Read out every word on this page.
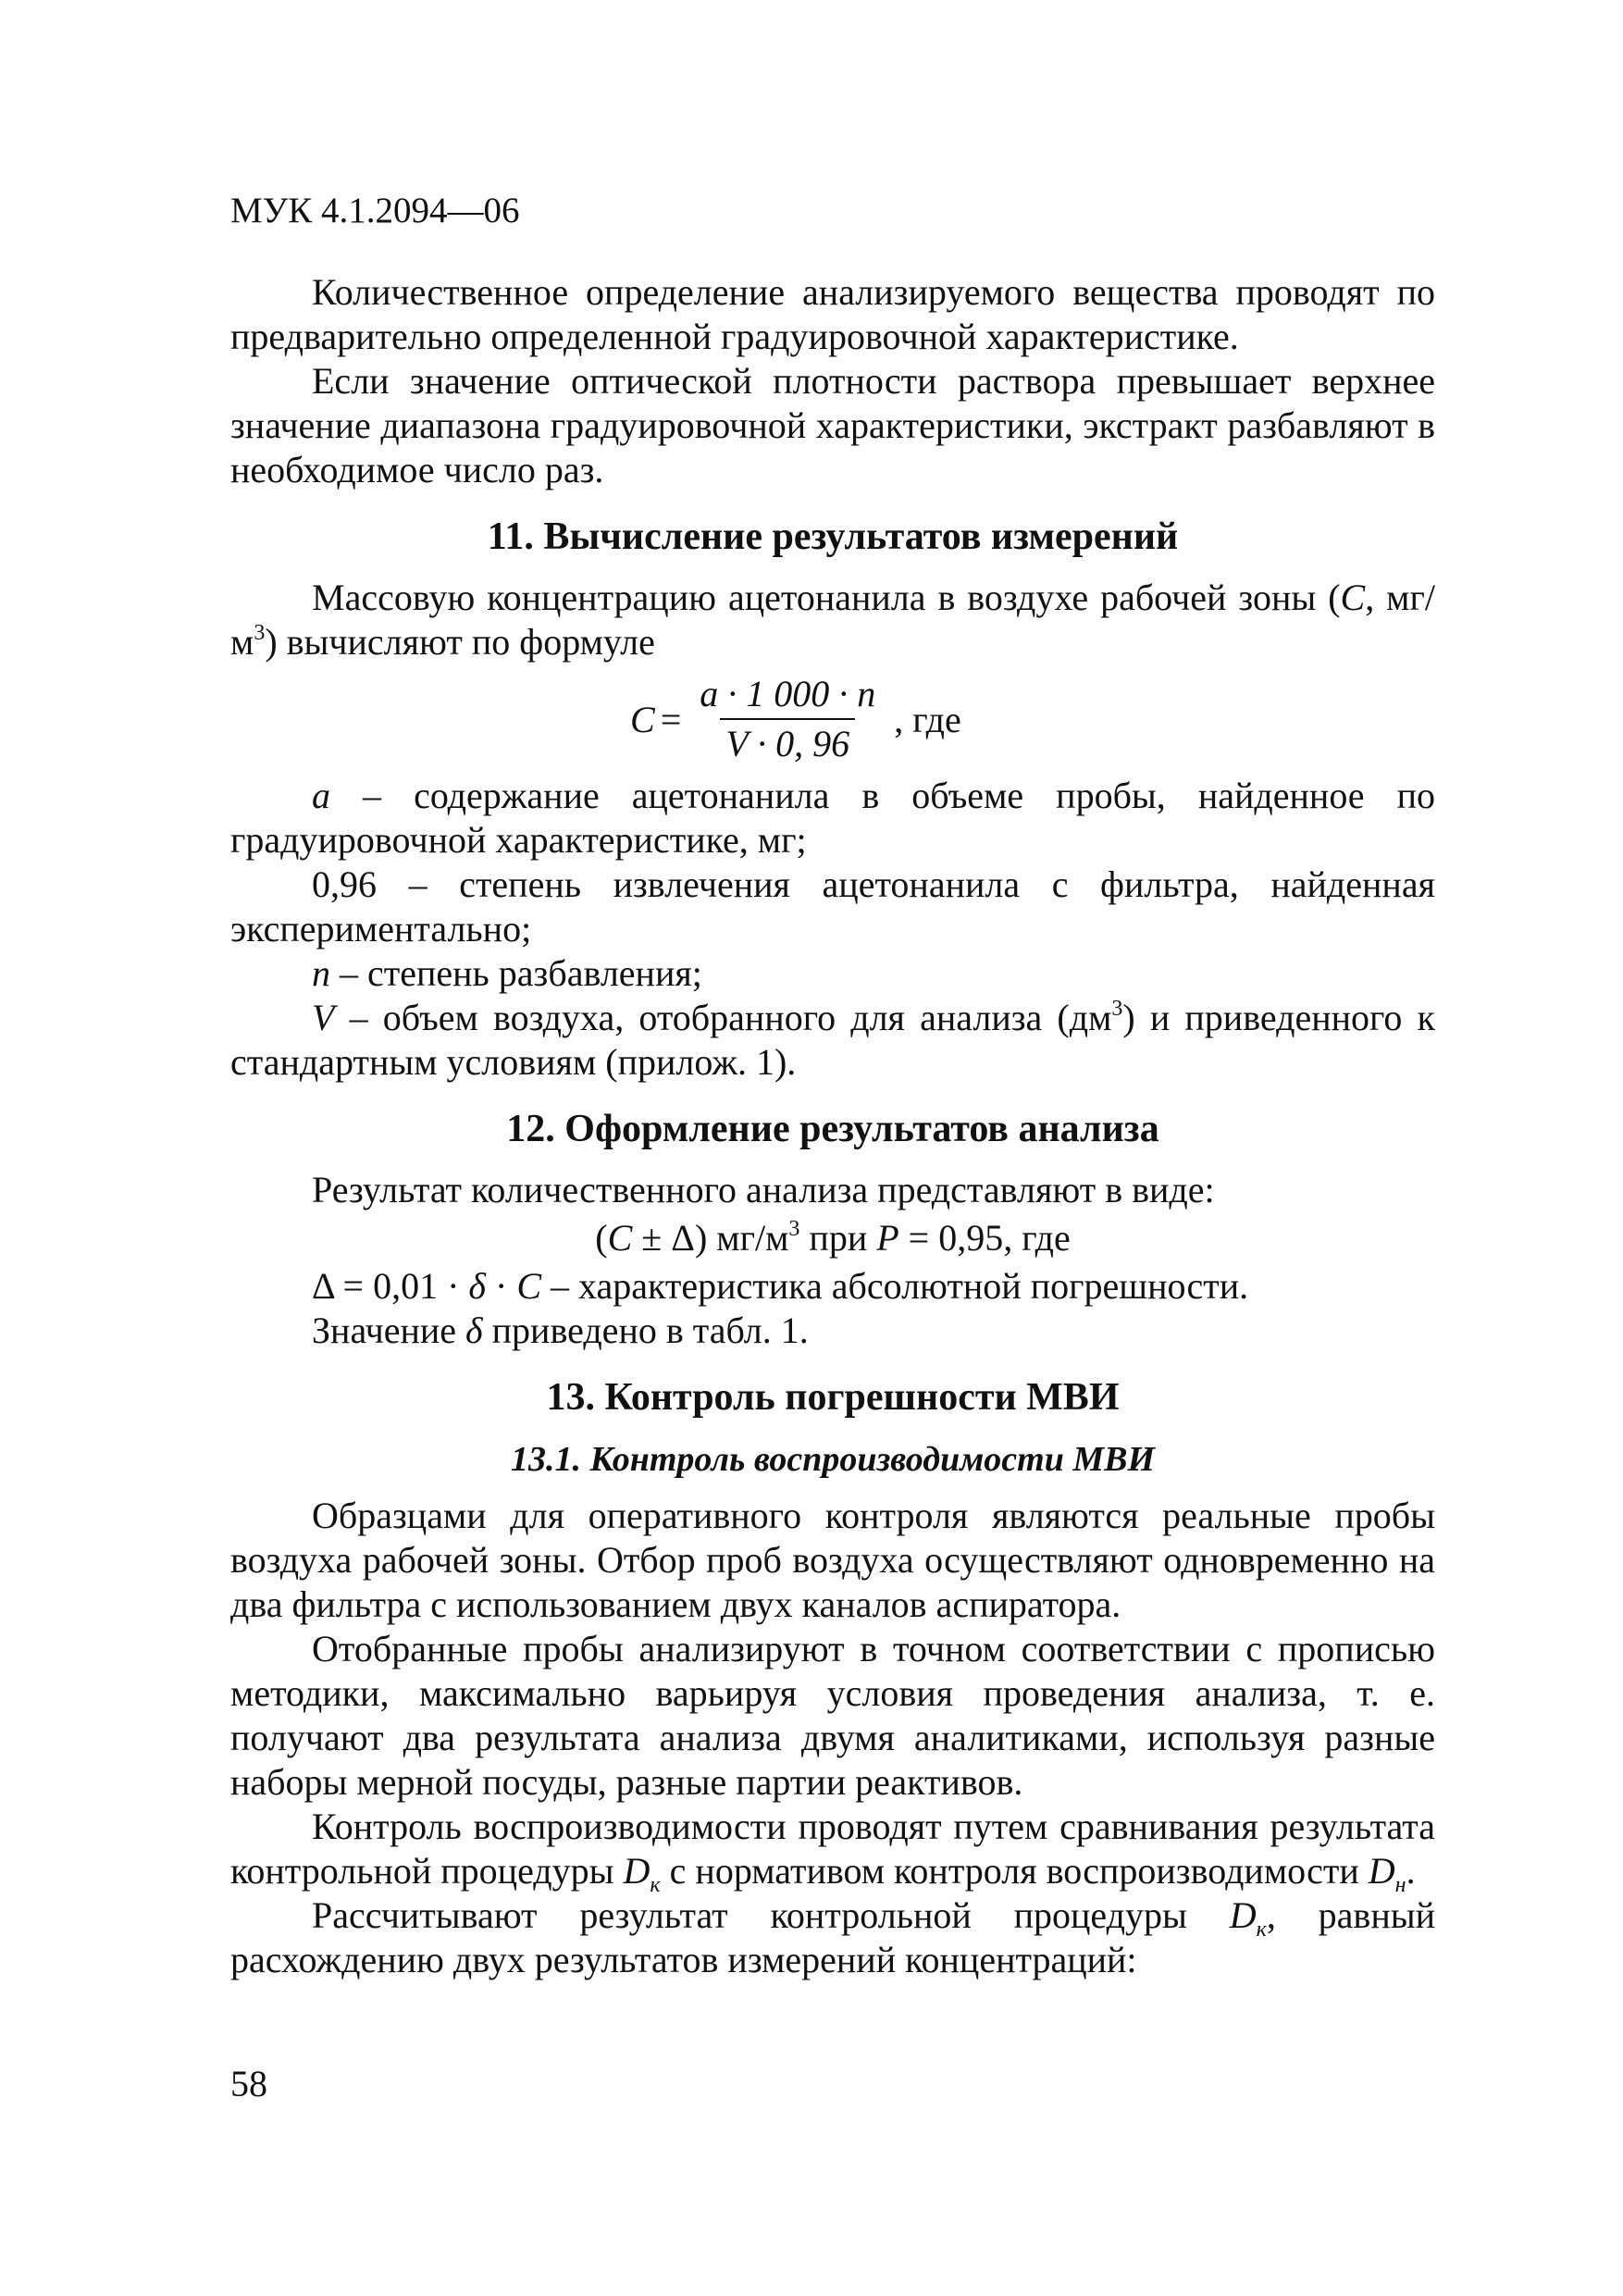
МУК 4.1.2094—06

Количественное определение анализируемого вещества проводят по предварительно определенной градуировочной характеристике.

Если значение оптической плотности раствора превышает верхнее значение диапазона градуировочной характеристики, экстракт разбавляют в необходимое число раз.

11. Вычисление результатов измерений

Массовую концентрацию ацетонанила в воздухе рабочей зоны (C, $мг/м^3$) вычисляют по формуле

$C = \frac{a \cdot 1 000 \cdot n}{V \cdot 0, 96}$ , где

a – содержание ацетонанила в объеме пробы, найденное по градуировочной характеристике, мг;

0,96 – степень извлечения ацетонанила с фильтра, найденная экспериментально;

n – степень разбавления;

V – объем воздуха, отобранного для анализа $(дм^3)$ и приведенного к стандартным условиям (прилож. 1).

12. Оформление результатов анализа

Результат количественного анализа представляют в виде:

(C ± Δ) $мг/м^3$ при P = 0,95, где

Δ = 0,01 · δ · C – характеристика абсолютной погрешности.

Значение δ приведено в табл. 1.

13. Контроль погрешности МВИ
13.1. Контроль воспроизводимости МВИ

Образцами для оперативного контроля являются реальные пробы воздуха рабочей зоны. Отбор проб воздуха осуществляют одновременно на два фильтра с использованием двух каналов аспиратора.

Отобранные пробы анализируют в точном соответствии с прописью методики, максимально варьируя условия проведения анализа, т. е. получают два результата анализа двумя аналитиками, используя разные наборы мерной посуды, разные партии реактивов.

Контроль воспроизводимости проводят путем сравнивания результата контрольной процедуры $D_к$ с нормативом контроля воспроизводимости $D_н$.

Рассчитывают результат контрольной процедуры $D_к$, равный расхождению двух результатов измерений концентраций:

58
